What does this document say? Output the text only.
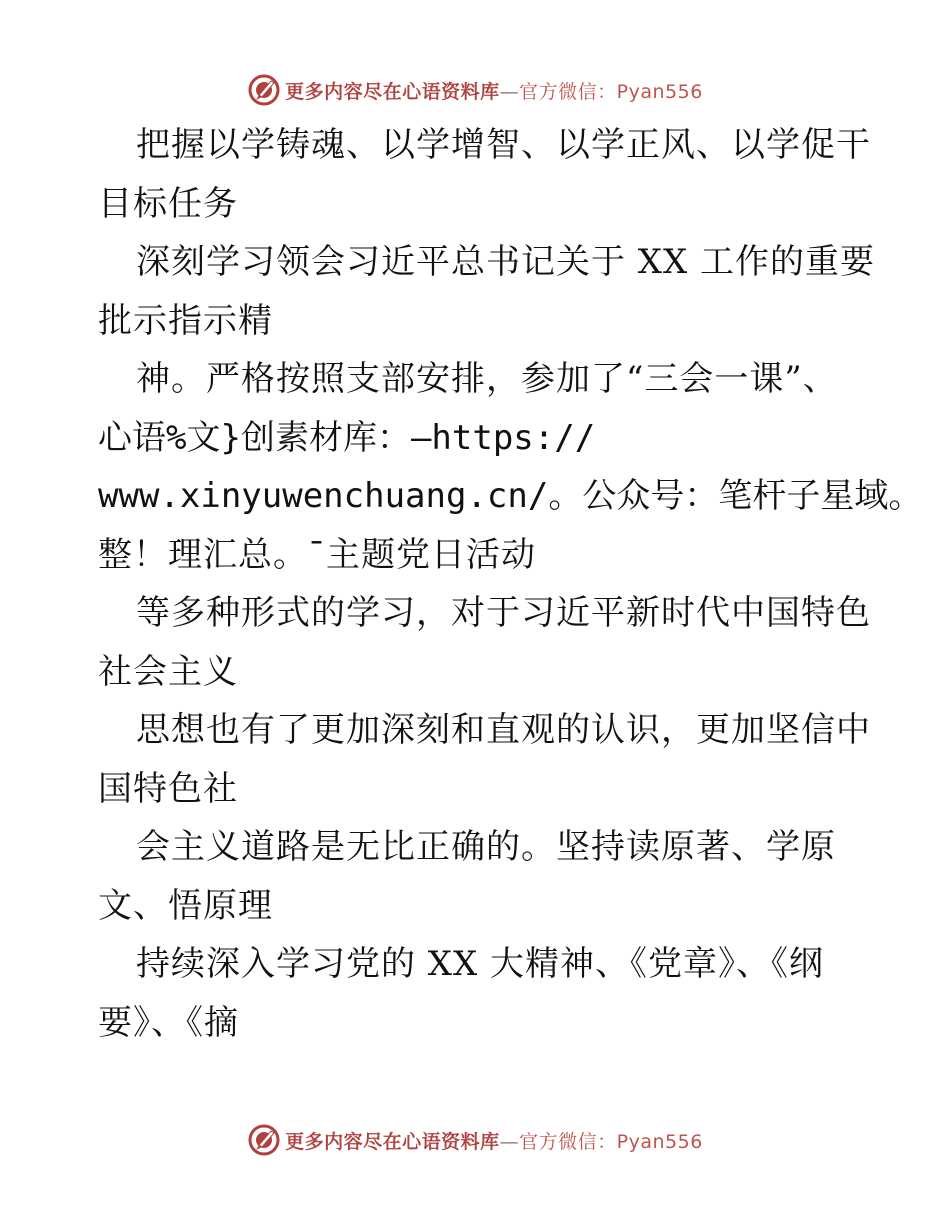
更多内容尽在心语资料库—官方微信：Pyan556
把握以学铸魂、以学增智、以学正风、以学促干
目标任务
深刻学习领会习近平总书记关于 XX 工作的重要
批示指示精
神。严格按照支部安排，参加了“三会一课”、
心语%文}创素材库：—https://
www.xinyuwenchuang.cn/。公众号：笔杆子星域。
整！理汇总。¯主题党日活动
等多种形式的学习，对于习近平新时代中国特色
社会主义
思想也有了更加深刻和直观的认识，更加坚信中
国特色社
会主义道路是无比正确的。坚持读原著、学原
文、悟原理
持续深入学习党的 XX 大精神、《党章》、《纲
要》、《摘
更多内容尽在心语资料库—官方微信：Pyan556
